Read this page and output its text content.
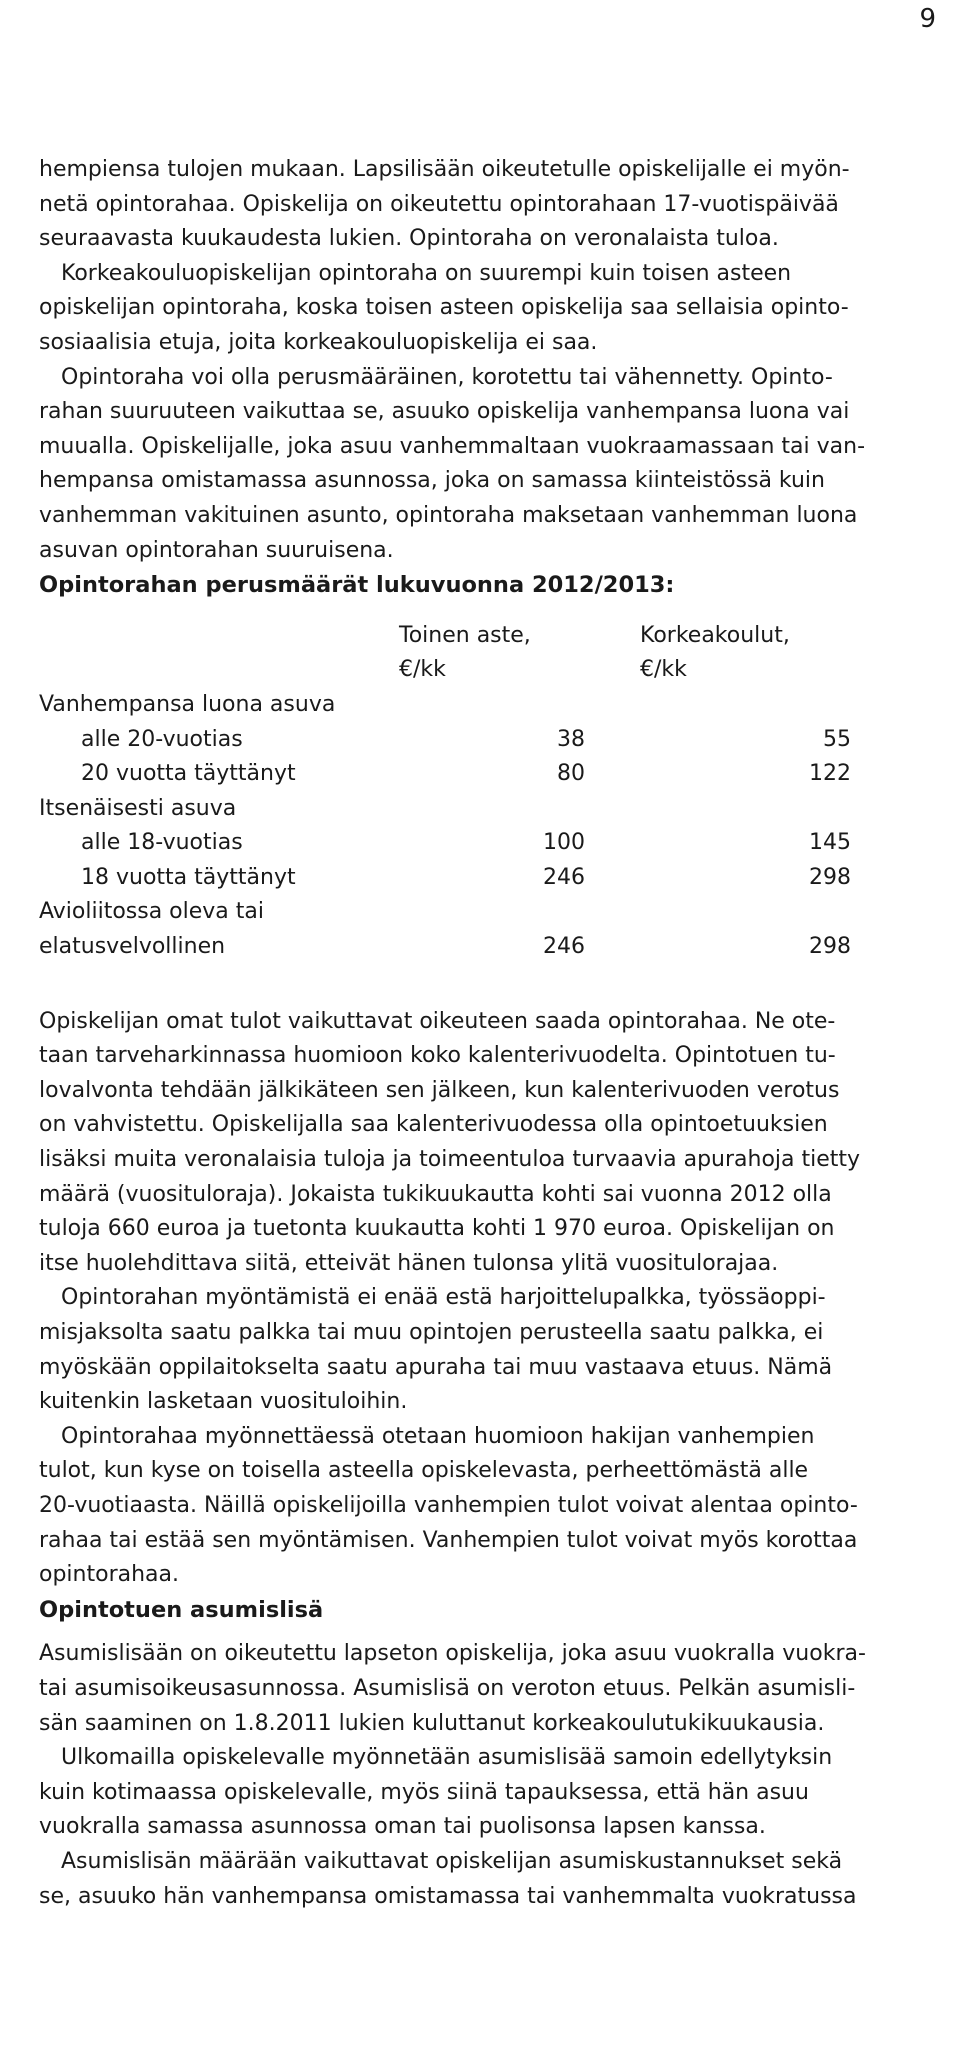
9
hempiensa tulojen mukaan. Lapsilisään oikeutetulle opiskelijalle ei myön-
netä opintorahaa. Opiskelija on oikeutettu opintorahaan 17-vuotispäivää
seuraavasta kuukaudesta lukien. Opintoraha on veronalaista tuloa.
Korkeakouluopiskelijan opintoraha on suurempi kuin toisen asteen
opiskelijan opintoraha, koska toisen asteen opiskelija saa sellaisia opinto-
sosiaalisia etuja, joita korkeakouluopiskelija ei saa.
Opintoraha voi olla perusmääräinen, korotettu tai vähennetty. Opinto-
rahan suuruuteen vaikuttaa se, asuuko opiskelija vanhempansa luona vai
muualla. Opiskelijalle, joka asuu vanhemmaltaan vuokraamassaan tai van-
hempansa omistamassa asunnossa, joka on samassa kiinteistössä kuin
vanhemman vakituinen asunto, opintoraha maksetaan vanhemman luona
asuvan opintorahan suuruisena.
Opintorahan perusmäärät lukuvuonna 2012/2013:
Toinen aste,	Korkeakoulut,
€/kk	€/kk
Vanhempansa luona asuva
alle 20-vuotias	38	55
20 vuotta täyttänyt	80	122
Itsenäisesti asuva
alle 18-vuotias	100	145
18 vuotta täyttänyt	246	298
Avioliitossa oleva tai
elatusvelvollinen	246	298
Opiskelijan omat tulot vaikuttavat oikeuteen saada opintorahaa. Ne ote-
taan tarveharkinnassa huomioon koko kalenterivuodelta. Opintotuen tu-
lovalvonta tehdään jälkikäteen sen jälkeen, kun kalenterivuoden verotus
on vahvistettu. Opiskelijalla saa kalenterivuodessa olla opintoetuuksien
lisäksi muita veronalaisia tuloja ja toimeentuloa turvaavia apurahoja tietty
määrä (vuosituloraja). Jokaista tukikuukautta kohti sai vuonna 2012 olla
tuloja 660 euroa ja tuetonta kuukautta kohti 1 970 euroa. Opiskelijan on
itse huolehdittava siitä, etteivät hänen tulonsa ylitä vuositulorajaa.
Opintorahan myöntämistä ei enää estä harjoittelupalkka, työssäoppi-
misjaksolta saatu palkka tai muu opintojen perusteella saatu palkka, ei
myöskään oppilaitokselta saatu apuraha tai muu vastaava etuus. Nämä
kuitenkin lasketaan vuosituloihin.
Opintorahaa myönnettäessä otetaan huomioon hakijan vanhempien
tulot, kun kyse on toisella asteella opiskelevasta, perheettömästä alle
20-vuotiaasta. Näillä opiskelijoilla vanhempien tulot voivat alentaa opinto-
rahaa tai estää sen myöntämisen. Vanhempien tulot voivat myös korottaa
opintorahaa.
Opintotuen asumislisä
Asumislisään on oikeutettu lapseton opiskelija, joka asuu vuokralla vuokra-
tai asumisoikeusasunnossa. Asumislisä on veroton etuus. Pelkän asumisli-
sän saaminen on 1.8.2011 lukien kuluttanut korkeakoulutukikuukausia.
Ulkomailla opiskelevalle myönnetään asumislisää samoin edellytyksin
kuin kotimaassa opiskelevalle, myös siinä tapauksessa, että hän asuu
vuokralla samassa asunnossa oman tai puolisonsa lapsen kanssa.
Asumislisän määrään vaikuttavat opiskelijan asumiskustannukset sekä
se, asuuko hän vanhempansa omistamassa tai vanhemmalta vuokratussa
